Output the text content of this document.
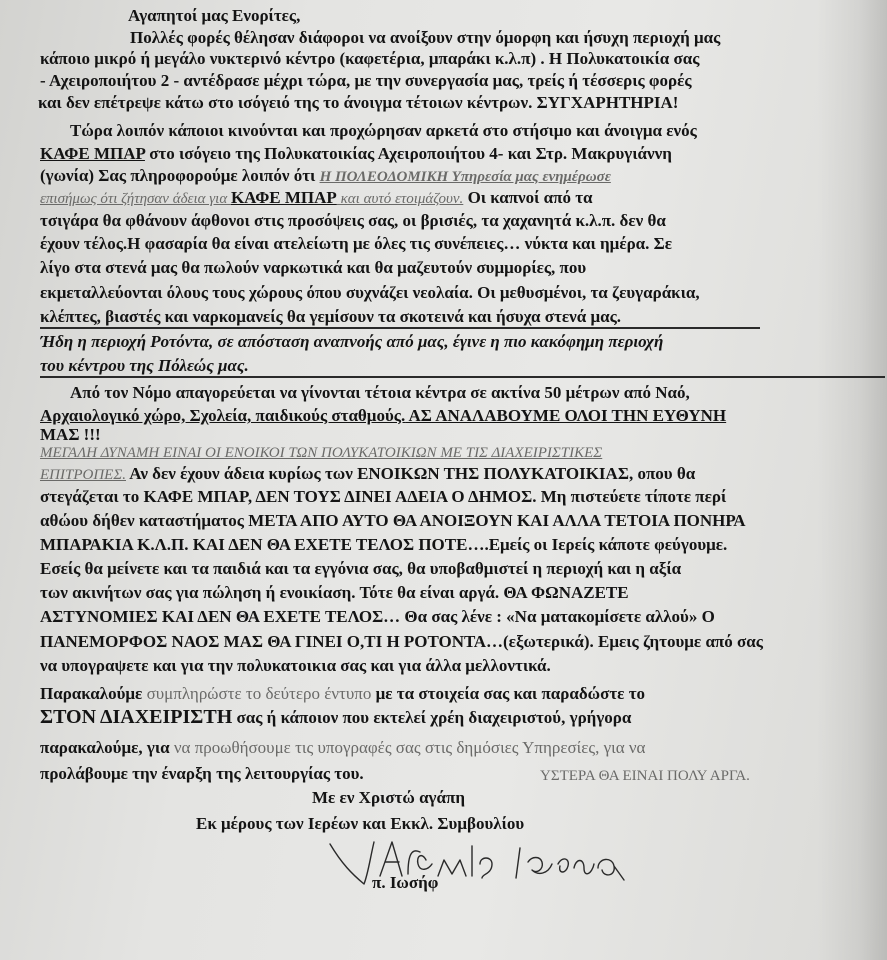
Αγαπητοί μας Ενορίτες,
Πολλές φορές θέλησαν διάφοροι να ανοίξουν στην όμορφη και ήσυχη περιοχή μας
κάποιο μικρό ή μεγάλο νυκτερινό κέντρο (καφετέρια, μπαράκι κ.λ.π) . Η Πολυκατοικία σας
- Αχειροποιήτου 2 - αντέδρασε μέχρι τώρα, με την συνεργασία μας, τρείς ή τέσσερις φορές
και δεν επέτρεψε κάτω στο ισόγειό της το άνοιγμα τέτοιων κέντρων. ΣΥΓΧΑΡΗΤΗΡΙΑ!
Τώρα λοιπόν κάποιοι κινούνται και προχώρησαν αρκετά στο στήσιμο και άνοιγμα ενός
ΚΑΦΕ ΜΠΑΡ στο ισόγειο της Πολυκατοικίας Αχειροποιήτου 4- και Στρ. Μακρυγιάννη
(γωνία) Σας πληροφορούμε λοιπόν ότι Η ΠΟΛΕΟΔΟΜΙΚΗ Υπηρεσία μας ενημέρωσε
επισήμως ότι ζήτησαν άδεια για ΚΑΦΕ ΜΠΑΡ και αυτό ετοιμάζουν. Οι καπνοί από τα
τσιγάρα θα φθάνουν άφθονοι στις προσόψεις σας, οι βρισιές, τα χαχανητά κ.λ.π. δεν θα
έχουν τέλος.Η φασαρία θα είναι ατελείωτη με όλες τις συνέπειες… νύκτα και ημέρα. Σε
λίγο στα στενά μας θα πωλούν ναρκωτικά και θα μαζευτούν συμμορίες, που
εκμεταλλεύονται όλους τους χώρους όπου συχνάζει νεολαία. Οι μεθυσμένοι, τα ζευγαράκια,
κλέπτες, βιαστές και ναρκομανείς θα γεμίσουν τα σκοτεινά και ήσυχα στενά μας.
Ήδη η περιοχή Ροτόντα, σε απόσταση αναπνοής από μας, έγινε η πιο κακόφημη περιοχή
του κέντρου της Πόλεώς μας.
Από τον Νόμο απαγορεύεται να γίνονται τέτοια κέντρα σε ακτίνα 50 μέτρων από Ναό,
Αρχαιολογικό χώρο, Σχολεία, παιδικούς σταθμούς. ΑΣ ΑΝΑΛΑΒΟΥΜΕ ΟΛΟΙ ΤΗΝ ΕΥΘΥΝΗ
ΜΑΣ !!!
ΜΕΓΑΛΗ ΔΥΝΑΜΗ ΕΙΝΑΙ ΟΙ ΕΝΟΙΚΟΙ ΤΩΝ ΠΟΛΥΚΑΤΟΙΚΙΩΝ ΜΕ ΤΙΣ ΔΙΑΧΕΙΡΙΣΤΙΚΕΣ
ΕΠΙΤΡΟΠΕΣ. Αν δεν έχουν άδεια κυρίως των ΕΝΟΙΚΩΝ ΤΗΣ ΠΟΛΥΚΑΤΟΙΚΙΑΣ, οπου θα
στεγάζεται το ΚΑΦΕ ΜΠΑΡ, ΔΕΝ ΤΟΥΣ ΔΙΝΕΙ ΑΔΕΙΑ Ο ΔΗΜΟΣ. Μη πιστεύετε τίποτε περί
αθώου δήθεν καταστήματος ΜΕΤΑ ΑΠΟ ΑΥΤΟ ΘΑ ΑΝΟΙΞΟΥΝ ΚΑΙ ΑΛΛΑ ΤΕΤΟΙΑ ΠΟΝΗΡΑ
ΜΠΑΡΑΚΙΑ Κ.Λ.Π. ΚΑΙ ΔΕΝ ΘΑ ΕΧΕΤΕ ΤΕΛΟΣ ΠΟΤΕ….Εμείς οι Ιερείς κάποτε φεύγουμε.
Εσείς θα μείνετε και τα παιδιά και τα εγγόνια σας, θα υποβαθμιστεί η περιοχή και η αξία
των ακινήτων σας για πώληση ή ενοικίαση. Τότε θα είναι αργά. ΘΑ ΦΩΝΑΖΕΤΕ
ΑΣΤΥΝΟΜΙΕΣ ΚΑΙ ΔΕΝ ΘΑ ΕΧΕΤΕ ΤΕΛΟΣ… Θα σας λένε : «Να ματακομίσετε αλλού» Ο
ΠΑΝΕΜΟΡΦΟΣ ΝΑΟΣ ΜΑΣ ΘΑ ΓΙΝΕΙ Ο,ΤΙ Η ΡΟΤΟΝΤΑ…(εξωτερικά). Εμεις ζητουμε από σας
να υπογραψετε και για την πολυκατοικια σας και για άλλα μελλοντικά.
Παρακαλούμε συμπληρώστε το δεύτερο έντυπο με τα στοιχεία σας και παραδώστε το
ΣΤΟΝ ΔΙΑΧΕΙΡΙΣΤΗ σας ή κάποιον που εκτελεί χρέη διαχειριστού, γρήγορα
παρακαλούμε, για να προωθήσουμε τις υπογραφές σας στις δημόσιες Υπηρεσίες, για να
προλάβουμε την έναρξη της λειτουργίας του.	ΥΣΤΕΡΑ ΘΑ ΕΙΝΑΙ ΠΟΛΥ ΑΡΓΑ.
Με εν Χριστώ αγάπη
Εκ μέρους των Ιερέων και Εκκλ. Συμβουλίου
π. Ιωσήφ
